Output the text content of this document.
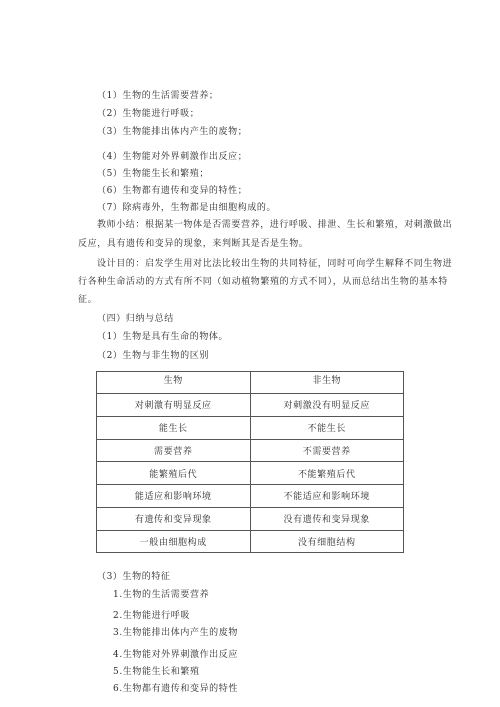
（1）生物的生活需要营养；
（2）生物能进行呼吸；
（3）生物能排出体内产生的废物；
（4）生物能对外界刺激作出反应；
（5）生物能生长和繁殖；
（6）生物都有遗传和变异的特性；
（7）除病毒外，生物都是由细胞构成的。
教师小结：根据某一物体是否需要营养，进行呼吸、排泄、生长和繁殖，对刺激做出
反应，具有遗传和变异的现象，来判断其是否是生物。
设计目的：启发学生用对比法比较出生物的共同特征，同时可向学生解释不同生物进
行各种生命活动的方式有所不同（如动植物繁殖的方式不同），从而总结出生物的基本特
征。
（四）归纳与总结
（1）生物是具有生命的物体。
（2）生物与非生物的区别
生物	非生物
对刺激有明显反应	对刺激没有明显反应
能生长	不能生长
需要营养	不需要营养
能繁殖后代	不能繁殖后代
能适应和影响环境	不能适应和影响环境
有遗传和变异现象	没有遗传和变异现象
一般由细胞构成	没有细胞结构
（3）生物的特征
1.生物的生活需要营养
2.生物能进行呼吸
3.生物能排出体内产生的废物
4.生物能对外界刺激作出反应
5.生物能生长和繁殖
6.生物都有遗传和变异的特性
